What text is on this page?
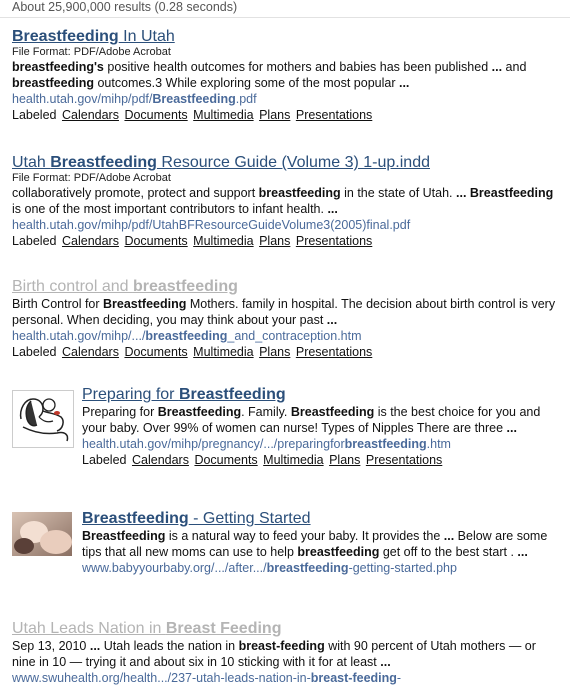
About 25,900,000 results (0.28 seconds)
Breastfeeding In Utah
File Format: PDF/Adobe Acrobat
breastfeeding's positive health outcomes for mothers and babies has been published ... and breastfeeding outcomes.3 While exploring some of the most popular ...
health.utah.gov/mihp/pdf/Breastfeeding.pdf
Labeled Calendars Documents Multimedia Plans Presentations
Utah Breastfeeding Resource Guide (Volume 3) 1-up.indd
File Format: PDF/Adobe Acrobat
collaboratively promote, protect and support breastfeeding in the state of Utah. ... Breastfeeding is one of the most important contributors to infant health. ...
health.utah.gov/mihp/pdf/UtahBFResourceGuideVolume3(2005)final.pdf
Labeled Calendars Documents Multimedia Plans Presentations
Birth control and breastfeeding
Birth Control for Breastfeeding Mothers. family in hospital. The decision about birth control is very personal. When deciding, you may think about your past ...
health.utah.gov/mihp/.../breastfeeding_and_contraception.htm
Labeled Calendars Documents Multimedia Plans Presentations
Preparing for Breastfeeding
Preparing for Breastfeeding. Family. Breastfeeding is the best choice for you and your baby. Over 99% of women can nurse! Types of Nipples There are three ...
health.utah.gov/mihp/pregnancy/.../preparingforbreastfeeding.htm
Labeled Calendars Documents Multimedia Plans Presentations
Breastfeeding - Getting Started
Breastfeeding is a natural way to feed your baby. It provides the ... Below are some tips that all new moms can use to help breastfeeding get off to the best start . ...
www.babyyourbaby.org/.../after.../breastfeeding-getting-started.php
Utah Leads Nation in Breast Feeding
Sep 13, 2010 ... Utah leads the nation in breast-feeding with 90 percent of Utah mothers — or nine in 10 — trying it and about six in 10 sticking with it for at least ...
www.swuhealth.org/health.../237-utah-leads-nation-in-breast-feeding-
